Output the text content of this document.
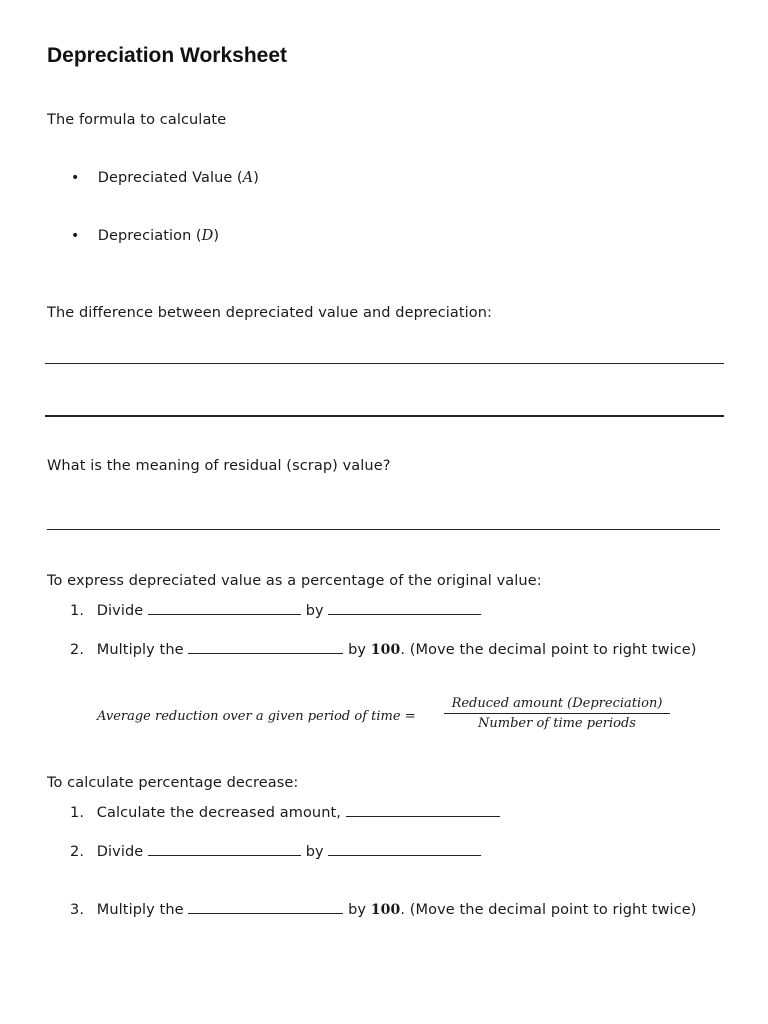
Depreciation Worksheet
The formula to calculate
• Depreciated Value (A)
• Depreciation (D)
The difference between depreciated value and depreciation:
What is the meaning of residual (scrap) value?
To express depreciated value as a percentage of the original value:
1. Divide	by
2. Multiply the	by 100. (Move the decimal point to right twice)
Average reduction over a given period of time =
Reduced amount (Depreciation)
Number of time periods
To calculate percentage decrease:
1. Calculate the decreased amount,
2. Divide	by
3. Multiply the	by 100. (Move the decimal point to right twice)
